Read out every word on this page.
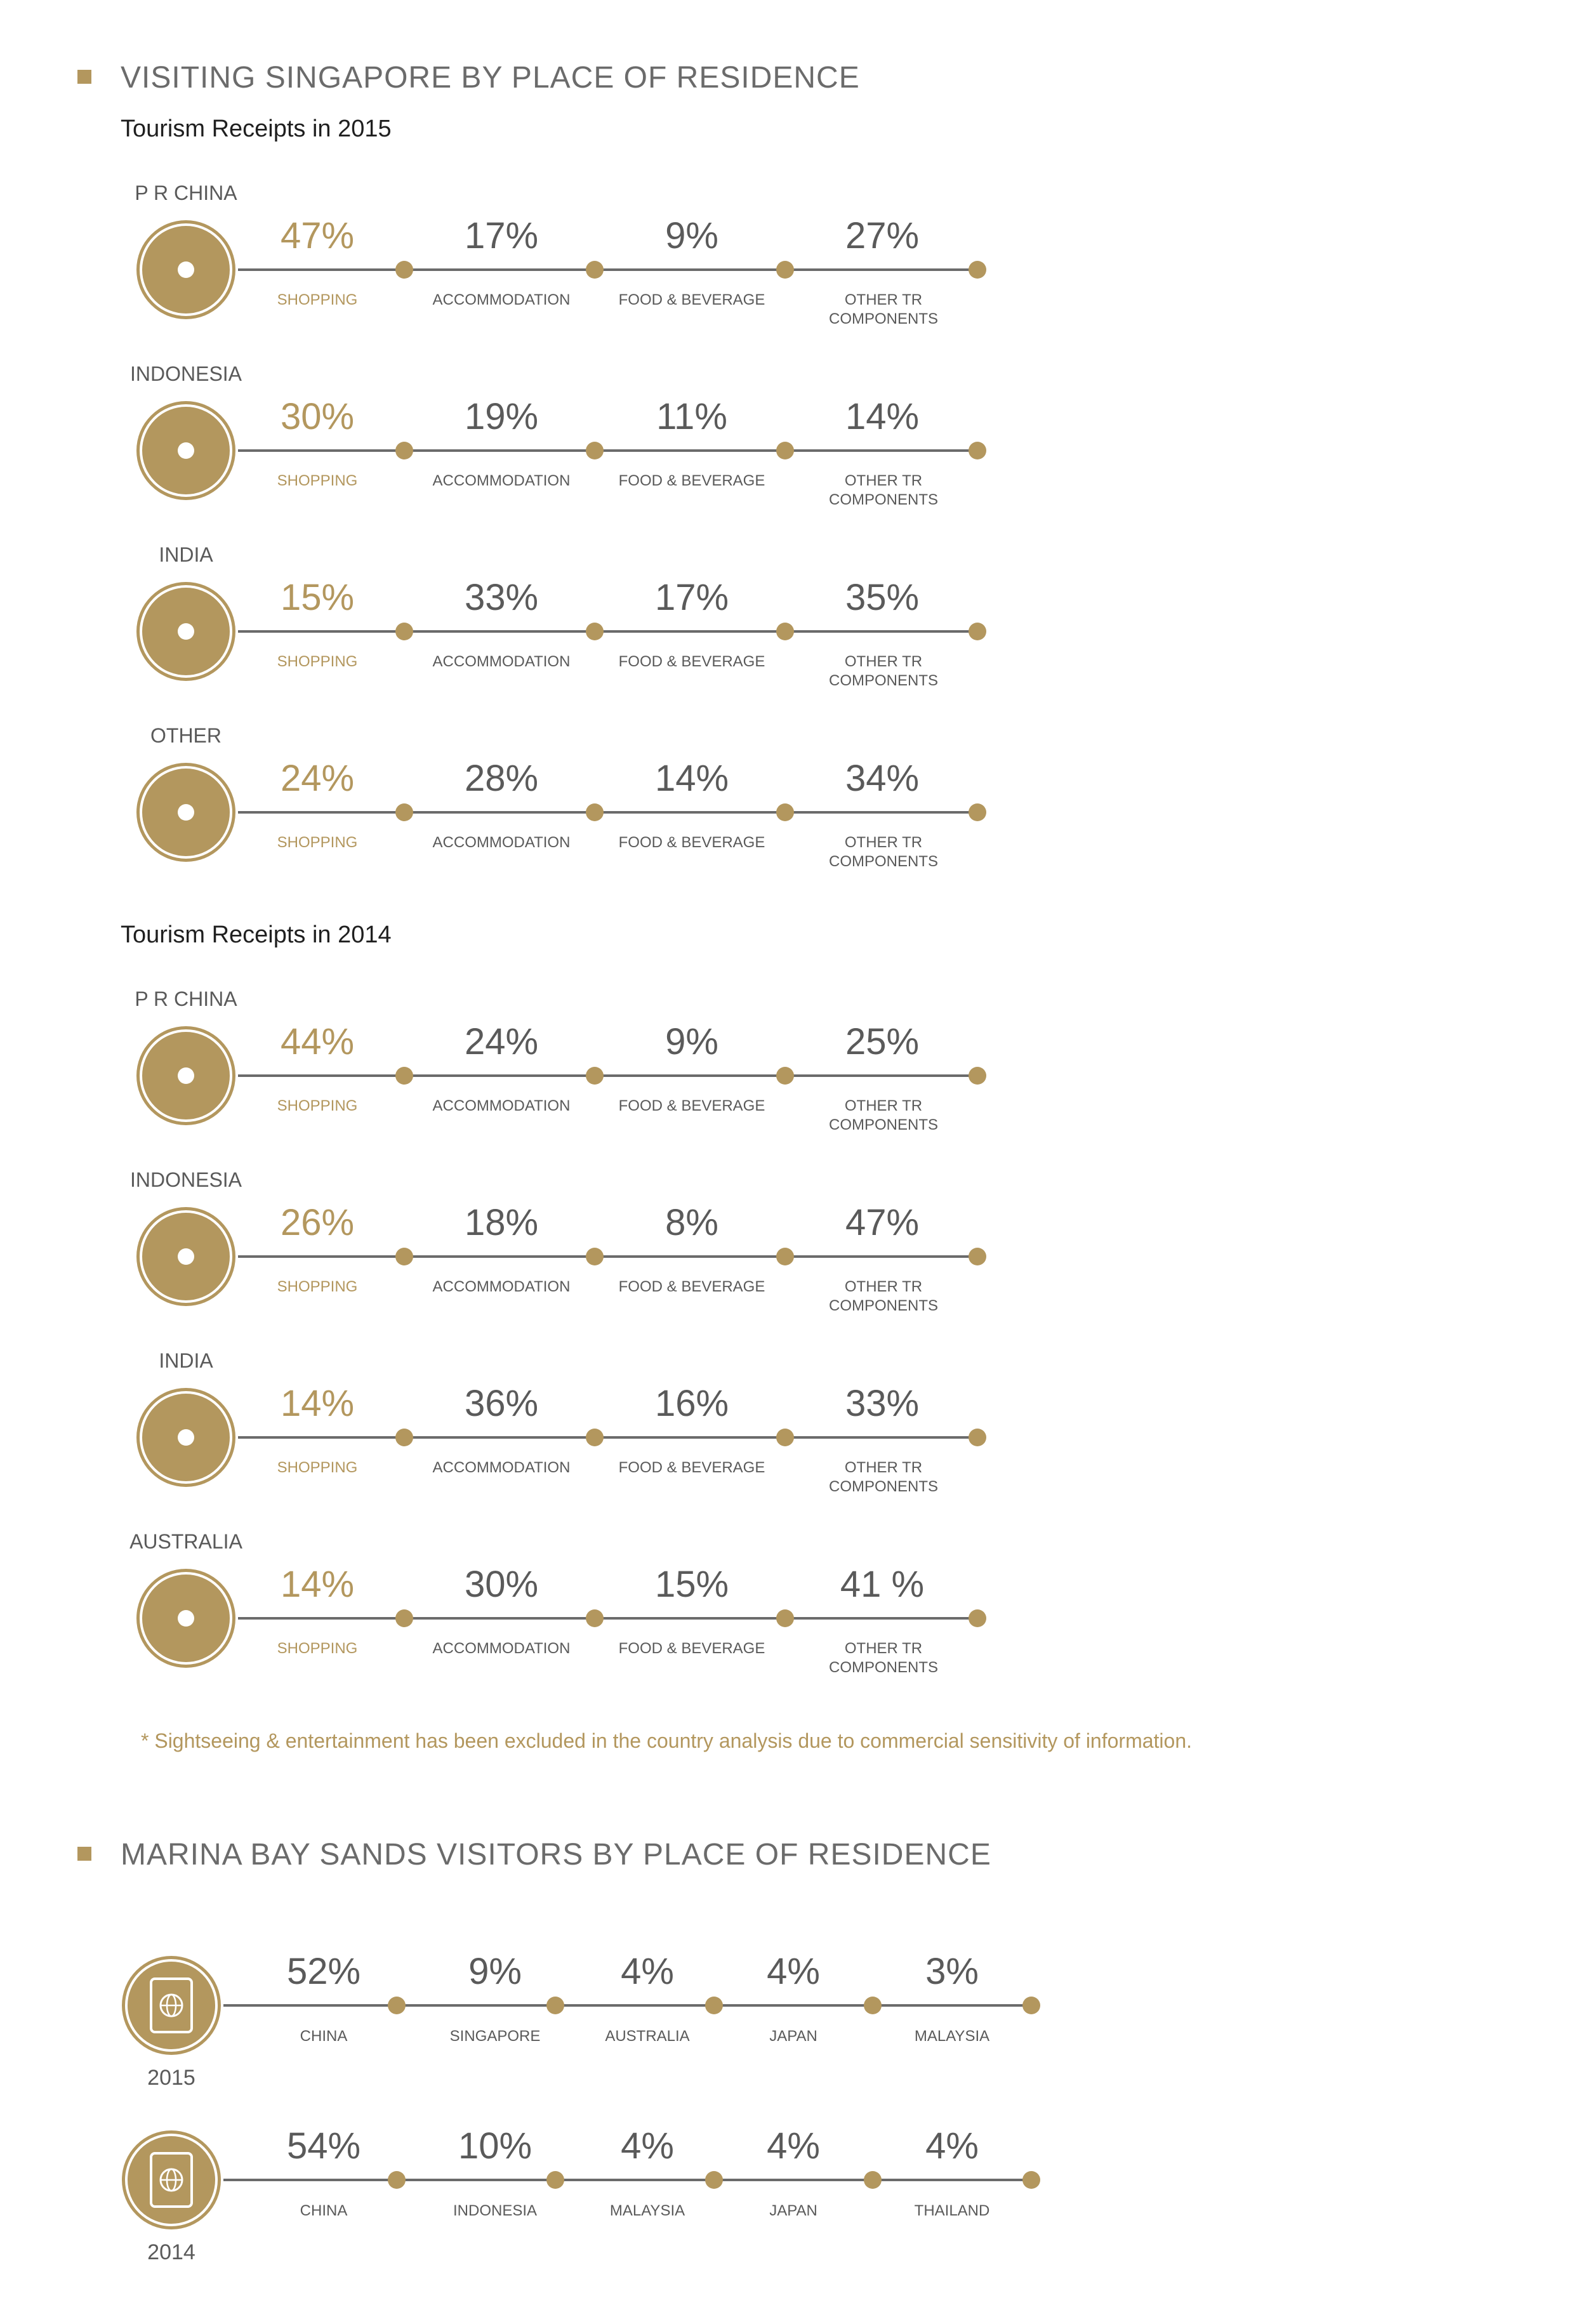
VISITING SINGAPORE BY PLACE OF RESIDENCE
Tourism Receipts in 2015
Tourism Receipts in 2014
* Sightseeing & entertainment has been excluded in the country analysis due to commercial sensitivity of information.
MARINA BAY SANDS VISITORS BY PLACE OF RESIDENCE
P R CHINA
47%
SHOPPING
17%
ACCOMMODATION
9%
FOOD & BEVERAGE
27%
OTHER TR
COMPONENTS
INDONESIA
30%
SHOPPING
19%
ACCOMMODATION
11%
FOOD & BEVERAGE
14%
OTHER TR
COMPONENTS
INDIA
15%
SHOPPING
33%
ACCOMMODATION
17%
FOOD & BEVERAGE
35%
OTHER TR
COMPONENTS
OTHER
24%
SHOPPING
28%
ACCOMMODATION
14%
FOOD & BEVERAGE
34%
OTHER TR
COMPONENTS
P R CHINA
44%
SHOPPING
24%
ACCOMMODATION
9%
FOOD & BEVERAGE
25%
OTHER TR
COMPONENTS
INDONESIA
26%
SHOPPING
18%
ACCOMMODATION
8%
FOOD & BEVERAGE
47%
OTHER TR
COMPONENTS
INDIA
14%
SHOPPING
36%
ACCOMMODATION
16%
FOOD & BEVERAGE
33%
OTHER TR
COMPONENTS
AUSTRALIA
14%
SHOPPING
30%
ACCOMMODATION
15%
FOOD & BEVERAGE
41 %
OTHER TR
COMPONENTS
2015
52%
CHINA
9%
SINGAPORE
4%
AUSTRALIA
4%
JAPAN
3%
MALAYSIA
2014
54%
CHINA
10%
INDONESIA
4%
MALAYSIA
4%
JAPAN
4%
THAILAND
